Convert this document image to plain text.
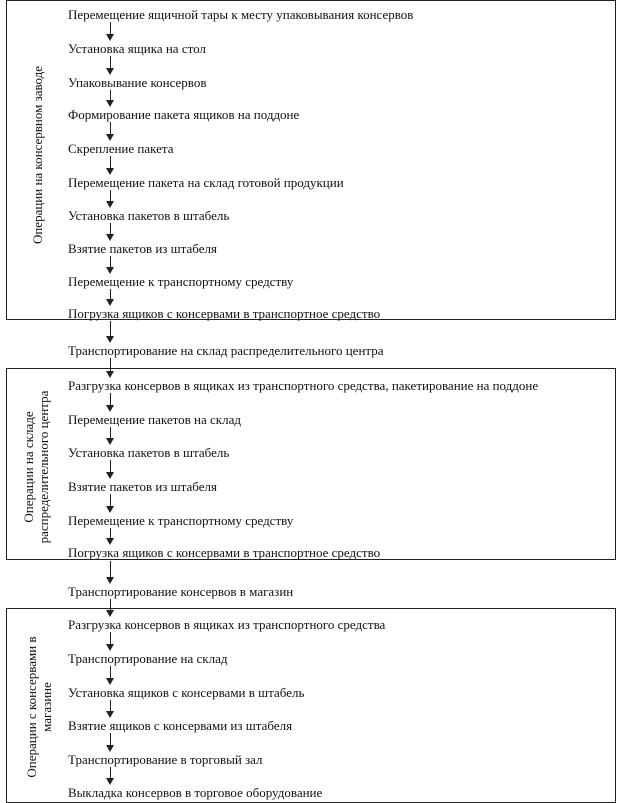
Операции на консервном заводе
Операции на складе распределительного центра
Операции с консервами в магазине
Перемещение ящичной тары к месту упаковывания консервов
Установка ящика на стол
Упаковывание консервов
Формирование пакета ящиков на поддоне
Скрепление пакета
Перемещение пакета на склад готовой продукции
Установка пакетов в штабель
Взятие пакетов из штабеля
Перемещение к транспортному средству
Погрузка ящиков с консервами в транспортное средство
Транспортирование на склад распределительного центра
Разгрузка консервов в ящиках из транспортного средства, пакетирование на поддоне
Перемещение пакетов на склад
Установка пакетов в штабель
Взятие пакетов из штабеля
Перемещение к транспортному средству
Погрузка ящиков с консервами в транспортное средство
Транспортирование консервов в магазин
Разгрузка консервов в ящиках из транспортного средства
Транспортирование на склад
Установка ящиков с консервами в штабель
Взятие ящиков с консервами из штабеля
Транспортирование в торговый зал
Выкладка консервов в торговое оборудование
